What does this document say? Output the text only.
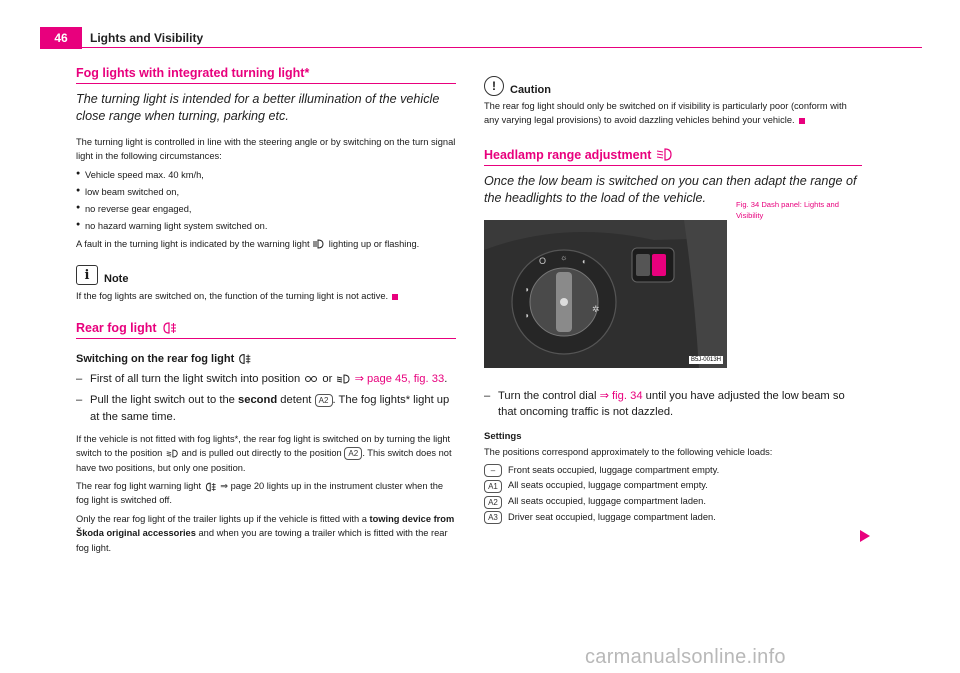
46	Lights and Visibility
Fog lights with integrated turning light*
The turning light is intended for a better illumination of the vehicle close range when turning, parking etc.

The turning light is controlled in line with the steering angle or by switching on the turn signal light in the following circumstances:

● Vehicle speed max. 40 km/h,
● low beam switched on,
● no reverse gear engaged,
● no hazard warning light system switched on.

A fault in the turning light is indicated by the warning light lighting up or flashing.

i	Note

If the fog lights are switched on, the function of the turning light is not active.

Rear fog light
Switching on the rear fog light
– First of all turn the light switch into position or ⇒ page 45, fig. 33.
– Pull the light switch out to the second detent A2 . The fog lights* light up at the same time.

If the vehicle is not fitted with fog lights*, the rear fog light is switched on by turning the light switch to the position and is pulled out directly to the position A2 . This switch does not have two positions, but only one position.

The rear fog light warning light ⇒ page 20 lights up in the instrument cluster when the fog light is switched off.

Only the rear fog light of the trailer lights up if the vehicle is fitted with a towing device from Škoda original accessories and when you are towing a trailer which is fitted with the rear fog light.

!	Caution

The rear fog light should only be switched on if visibility is particularly poor (conform with any varying legal provisions) to avoid dazzling vehicles behind your vehicle.

Headlamp range adjustment
Once the low beam is switched on you can then adapt the range of the headlights to the load of the vehicle.
O ☼ ◐
◑
◑
✲
B5J-0013H
Fig. 34 Dash panel: Lights and Visibility
– Turn the control dial ⇒ fig. 34 until you have adjusted the low beam so that oncoming traffic is not dazzled.
Settings

The positions correspond approximately to the following vehicle loads:

–	Front seats occupied, luggage compartment empty.
A1	All seats occupied, luggage compartment empty.
A2	All seats occupied, luggage compartment laden.
A3	Driver seat occupied, luggage compartment laden.
carmanualsonline.info
